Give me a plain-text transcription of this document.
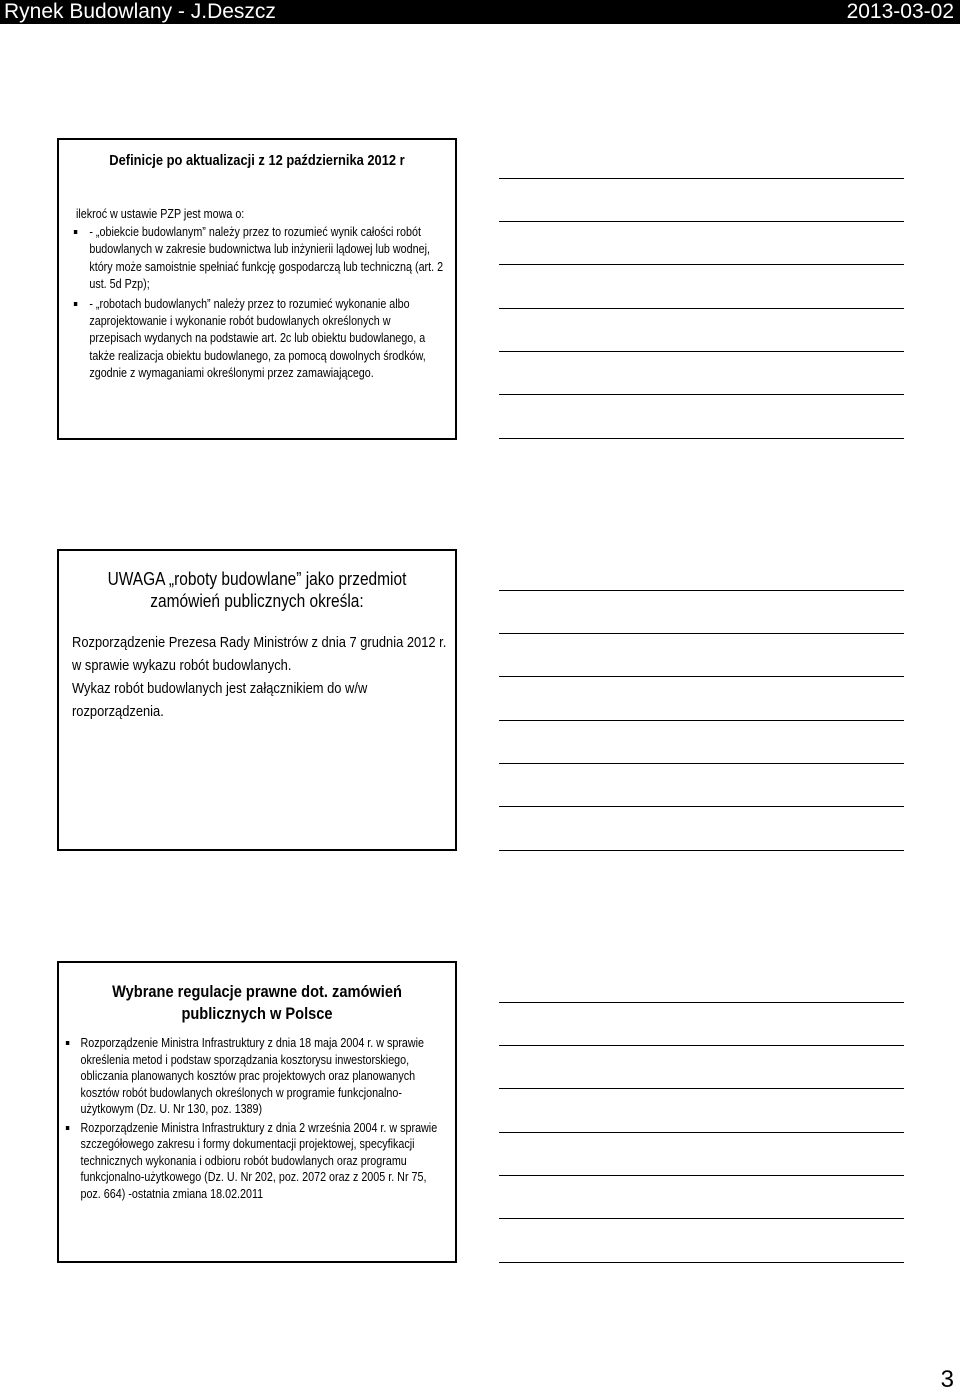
Rynek Budowlany - J.Deszcz	2013-03-02
Definicje po aktualizacji z 12 października 2012 r
ilekroć w ustawie PZP jest mowa o:
- „obiekcie budowlanym” należy przez to rozumieć wynik całości robót
budowlanych w zakresie budownictwa lub inżynierii lądowej lub wodnej,
który może samoistnie spełniać funkcję gospodarczą lub techniczną (art. 2
ust. 5d Pzp);
- „robotach budowlanych” należy przez to rozumieć wykonanie albo
zaprojektowanie i wykonanie robót budowlanych określonych w
przepisach wydanych na podstawie art. 2c lub obiektu budowlanego, a
także realizacja obiektu budowlanego, za pomocą dowolnych środków,
zgodnie z wymaganiami określonymi przez zamawiającego.
UWAGA „roboty budowlane” jako przedmiot
zamówień publicznych określa:

Rozporządzenie Prezesa Rady Ministrów z dnia 7 grudnia 2012 r.

w sprawie wykazu robót budowlanych.

Wykaz robót budowlanych jest załącznikiem do w/w

rozporządzenia.

Wybrane regulacje prawne dot. zamówień
publicznych w Polsce
Rozporządzenie Ministra Infrastruktury z dnia 18 maja 2004 r. w sprawie
określenia metod i podstaw sporządzania kosztorysu inwestorskiego,
obliczania planowanych kosztów prac projektowych oraz planowanych
kosztów robót budowlanych określonych w programie funkcjonalno-
użytkowym (Dz. U. Nr 130, poz. 1389)
Rozporządzenie Ministra Infrastruktury z dnia 2 września 2004 r. w sprawie
szczegółowego zakresu i formy dokumentacji projektowej, specyfikacji
technicznych wykonania i odbioru robót budowlanych oraz programu
funkcjonalno-użytkowego (Dz. U. Nr 202, poz. 2072 oraz z 2005 r. Nr 75,
poz. 664) -ostatnia zmiana 18.02.2011
3
